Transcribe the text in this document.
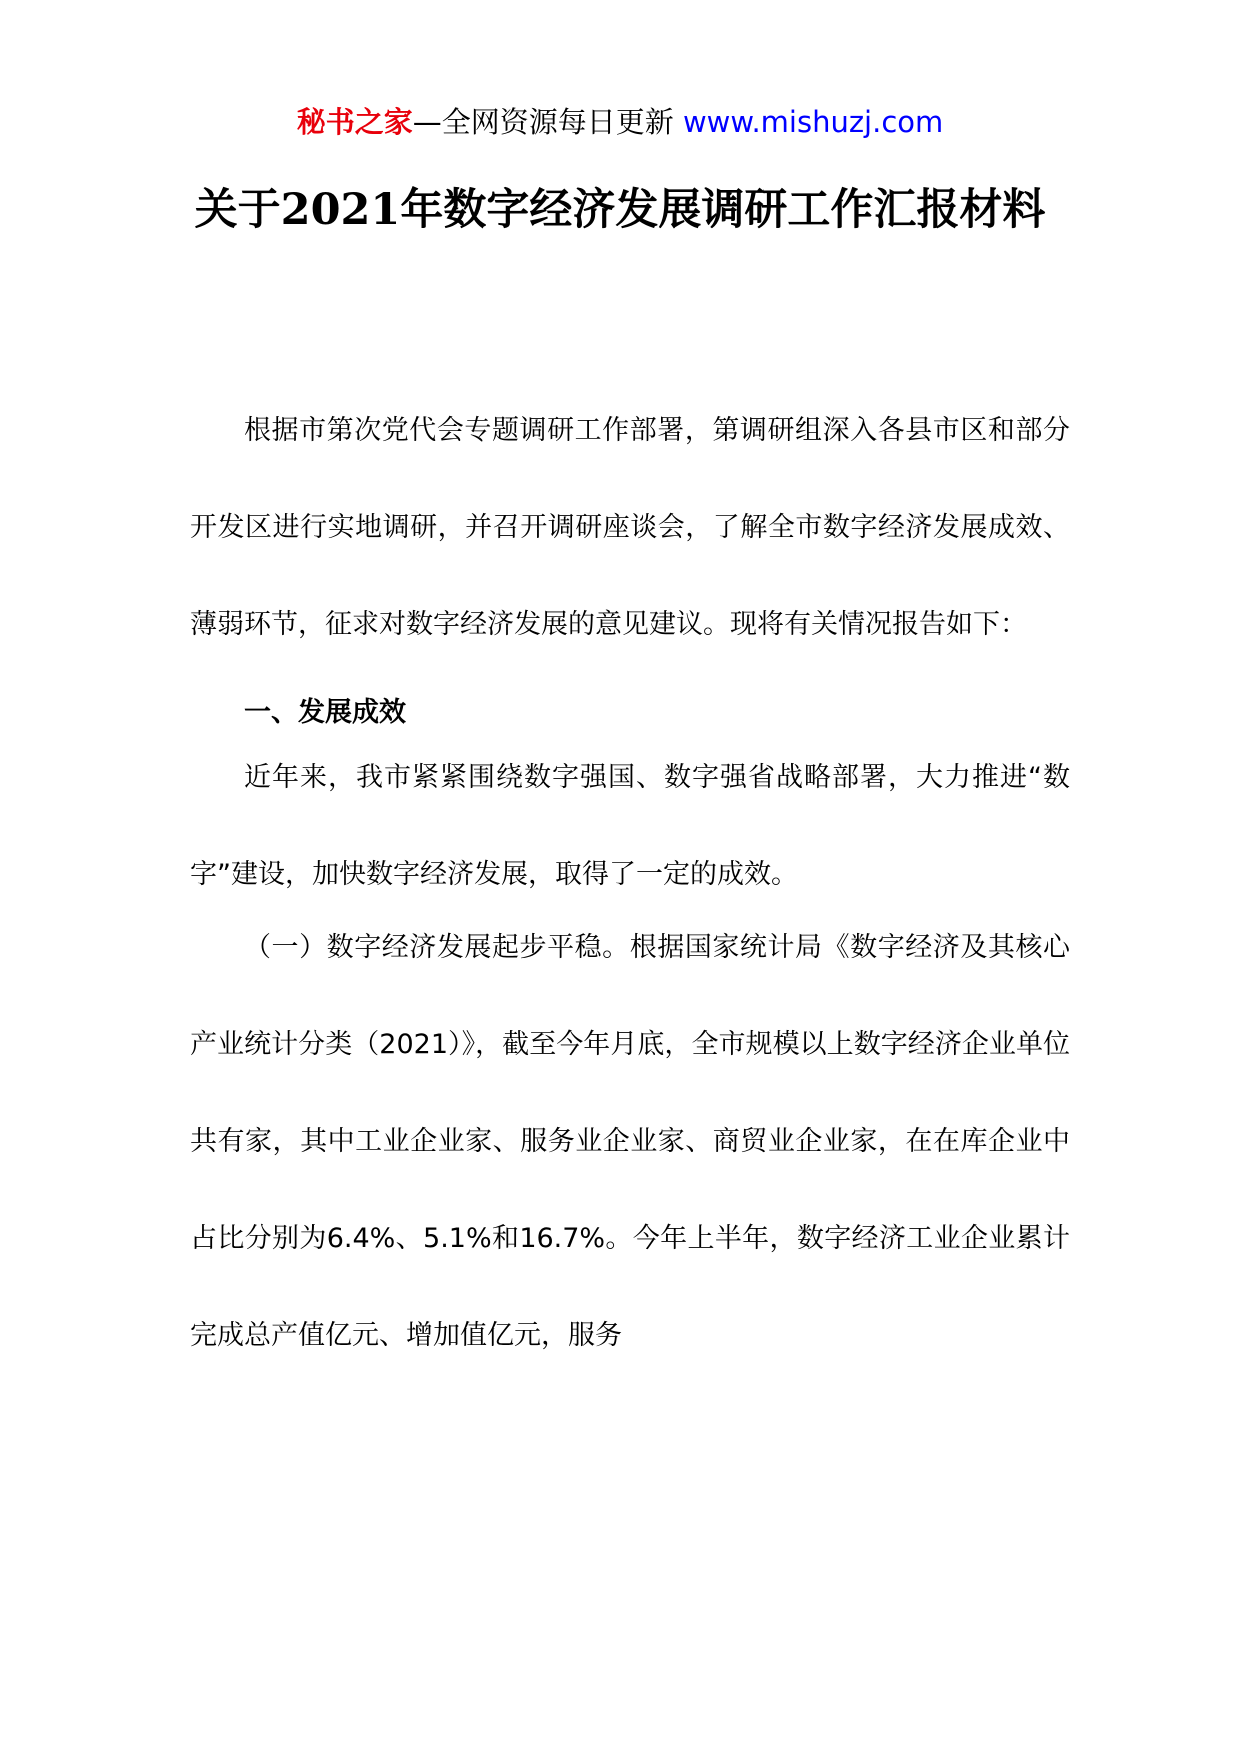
秘书之家—全网资源每日更新 www.mishuzj.com
关于2021年数字经济发展调研工作汇报材料

根据市第次党代会专题调研工作部署，第调研组深入各县市区和部分开发区进行实地调研，并召开调研座谈会，了解全市数字经济发展成效、薄弱环节，征求对数字经济发展的意见建议。现将有关情况报告如下：

一、发展成效

近年来，我市紧紧围绕数字强国、数字强省战略部署，大力推进“数字”建设，加快数字经济发展，取得了一定的成效。

（一）数字经济发展起步平稳。根据国家统计局《数字经济及其核心产业统计分类（2021）》，截至今年月底，全市规模以上数字经济企业单位共有家，其中工业企业家、服务业企业家、商贸业企业家，在在库企业中占比分别为6.4%、5.1%和16.7%。今年上半年，数字经济工业企业累计完成总产值亿元、增加值亿元，服务
